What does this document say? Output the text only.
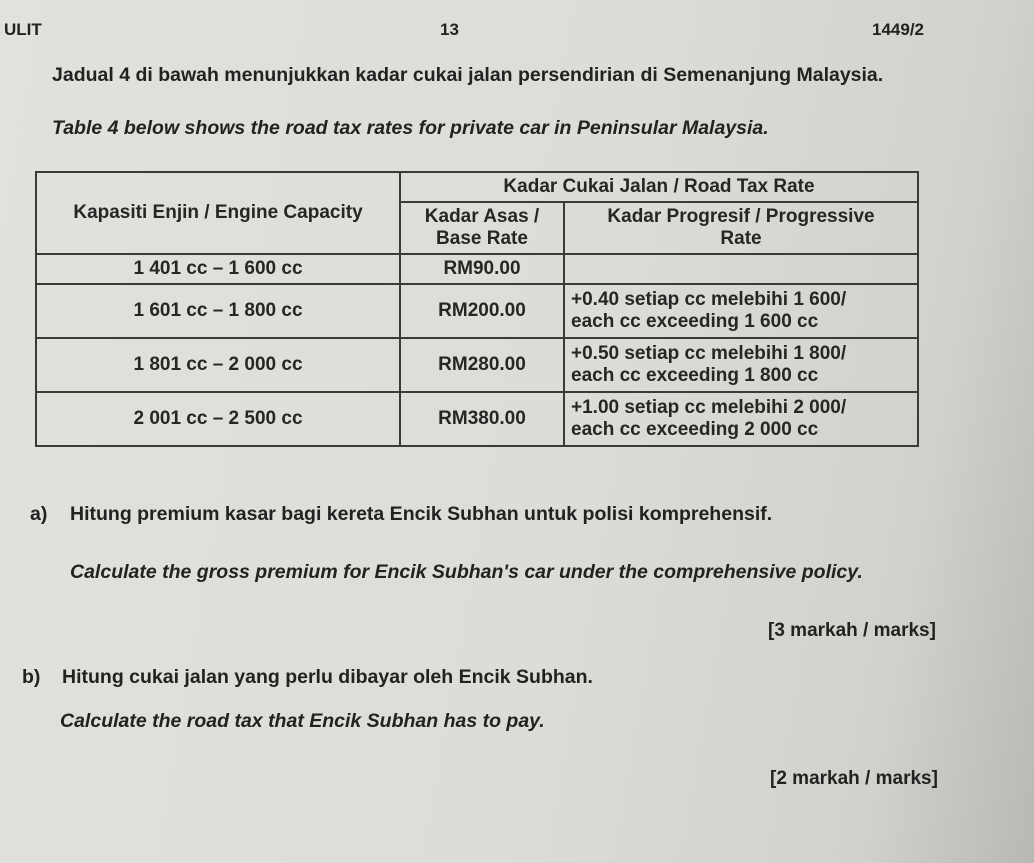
ULIT	13	1449/2
Jadual 4 di bawah menunjukkan kadar cukai jalan persendirian di Semenanjung Malaysia.
Table 4 below shows the road tax rates for private car in Peninsular Malaysia.
Kapasiti Enjin / Engine Capacity	Kadar Cukai Jalan / Road Tax Rate	

	Kadar Asas /
Base Rate	Kadar Progresif / Progressive
Rate

1 401 cc – 1 600 cc	RM90.00	
1 601 cc – 1 800 cc	RM200.00	+0.40 setiap cc melebihi 1 600/
each cc exceeding 1 600 cc

1 801 cc – 2 000 cc	RM280.00	+0.50 setiap cc melebihi 1 800/
each cc exceeding 1 800 cc

2 001 cc – 2 500 cc	RM380.00	+1.00 setiap cc melebihi 2 000/
each cc exceeding 2 000 cc
a) Hitung premium kasar bagi kereta Encik Subhan untuk polisi komprehensif.
Calculate the gross premium for Encik Subhan's car under the comprehensive policy.
[3 markah / marks]
b) Hitung cukai jalan yang perlu dibayar oleh Encik Subhan.
Calculate the road tax that Encik Subhan has to pay.
[2 markah / marks]
